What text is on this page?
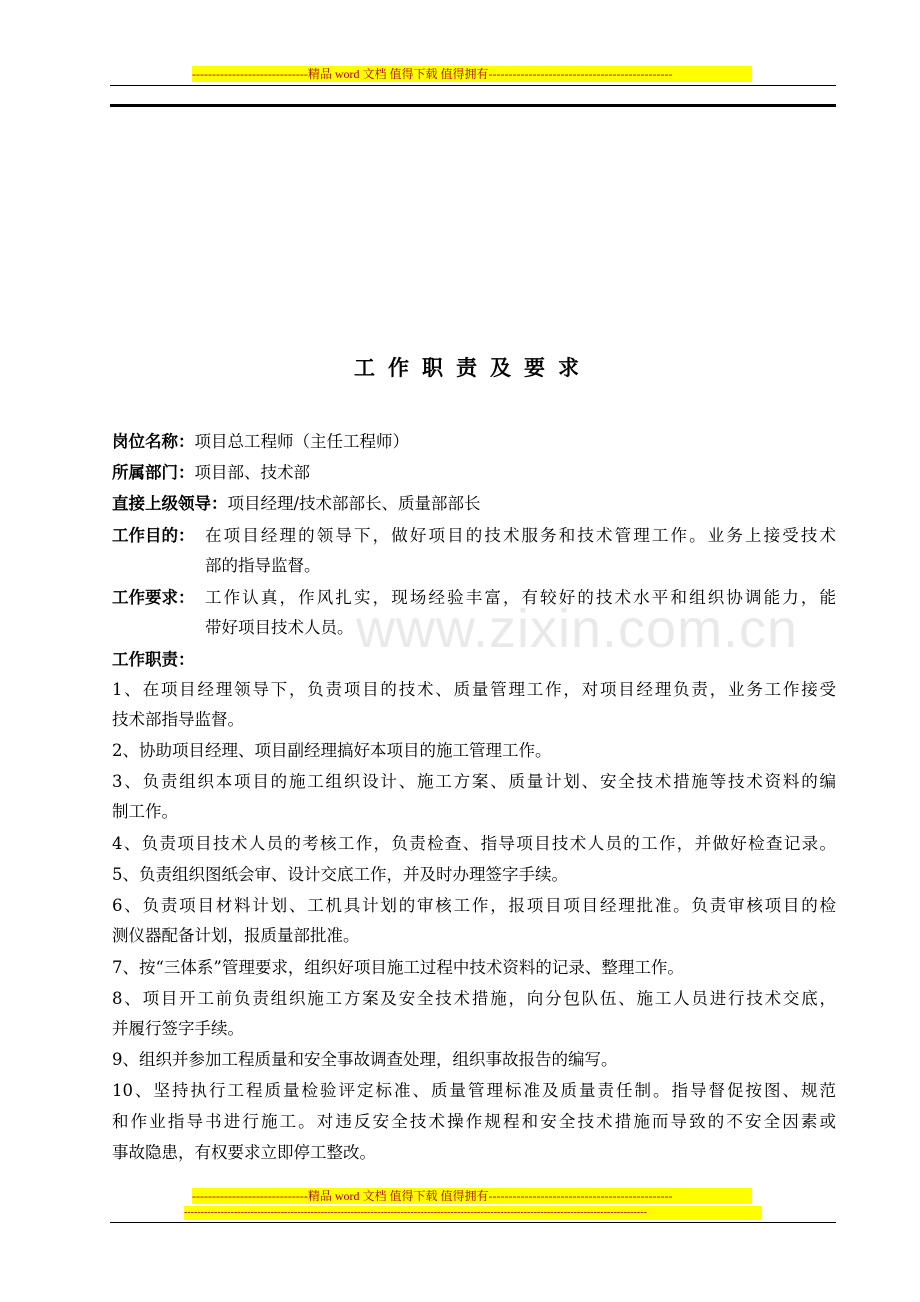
-----------------------------精品 word 文档 值得下载 值得拥有----------------------------------------------
www.zixin.com.cn
工作职责及要求
岗位名称：项目总工程师（主任工程师）
所属部门：项目部、技术部
直接上级领导：项目经理/技术部部长、质量部部长
工作目的： 在项目经理的领导下，做好项目的技术服务和技术管理工作。业务上接受技术
部的指导监督。
工作要求： 工作认真，作风扎实，现场经验丰富，有较好的技术水平和组织协调能力，能
带好项目技术人员。
工作职责：
1、在项目经理领导下，负责项目的技术、质量管理工作，对项目经理负责，业务工作接受
技术部指导监督。
2、协助项目经理、项目副经理搞好本项目的施工管理工作。
3、负责组织本项目的施工组织设计、施工方案、质量计划、安全技术措施等技术资料的编
制工作。
4、负责项目技术人员的考核工作，负责检查、指导项目技术人员的工作，并做好检查记录。
5、负责组织图纸会审、设计交底工作，并及时办理签字手续。
6、负责项目材料计划、工机具计划的审核工作，报项目项目经理批准。负责审核项目的检
测仪器配备计划，报质量部批准。
7、按“三体系”管理要求，组织好项目施工过程中技术资料的记录、整理工作。
8、项目开工前负责组织施工方案及安全技术措施，向分包队伍、施工人员进行技术交底，
并履行签字手续。
9、组织并参加工程质量和安全事故调查处理，组织事故报告的编写。
10、坚持执行工程质量检验评定标准、质量管理标准及质量责任制。指导督促按图、规范
和作业指导书进行施工。对违反安全技术操作规程和安全技术措施而导致的不安全因素或
事故隐患，有权要求立即停工整改。
-----------------------------精品 word 文档 值得下载 值得拥有----------------------------------------------
-------------------------------------------------------------------------------------------------------------------------------------------
